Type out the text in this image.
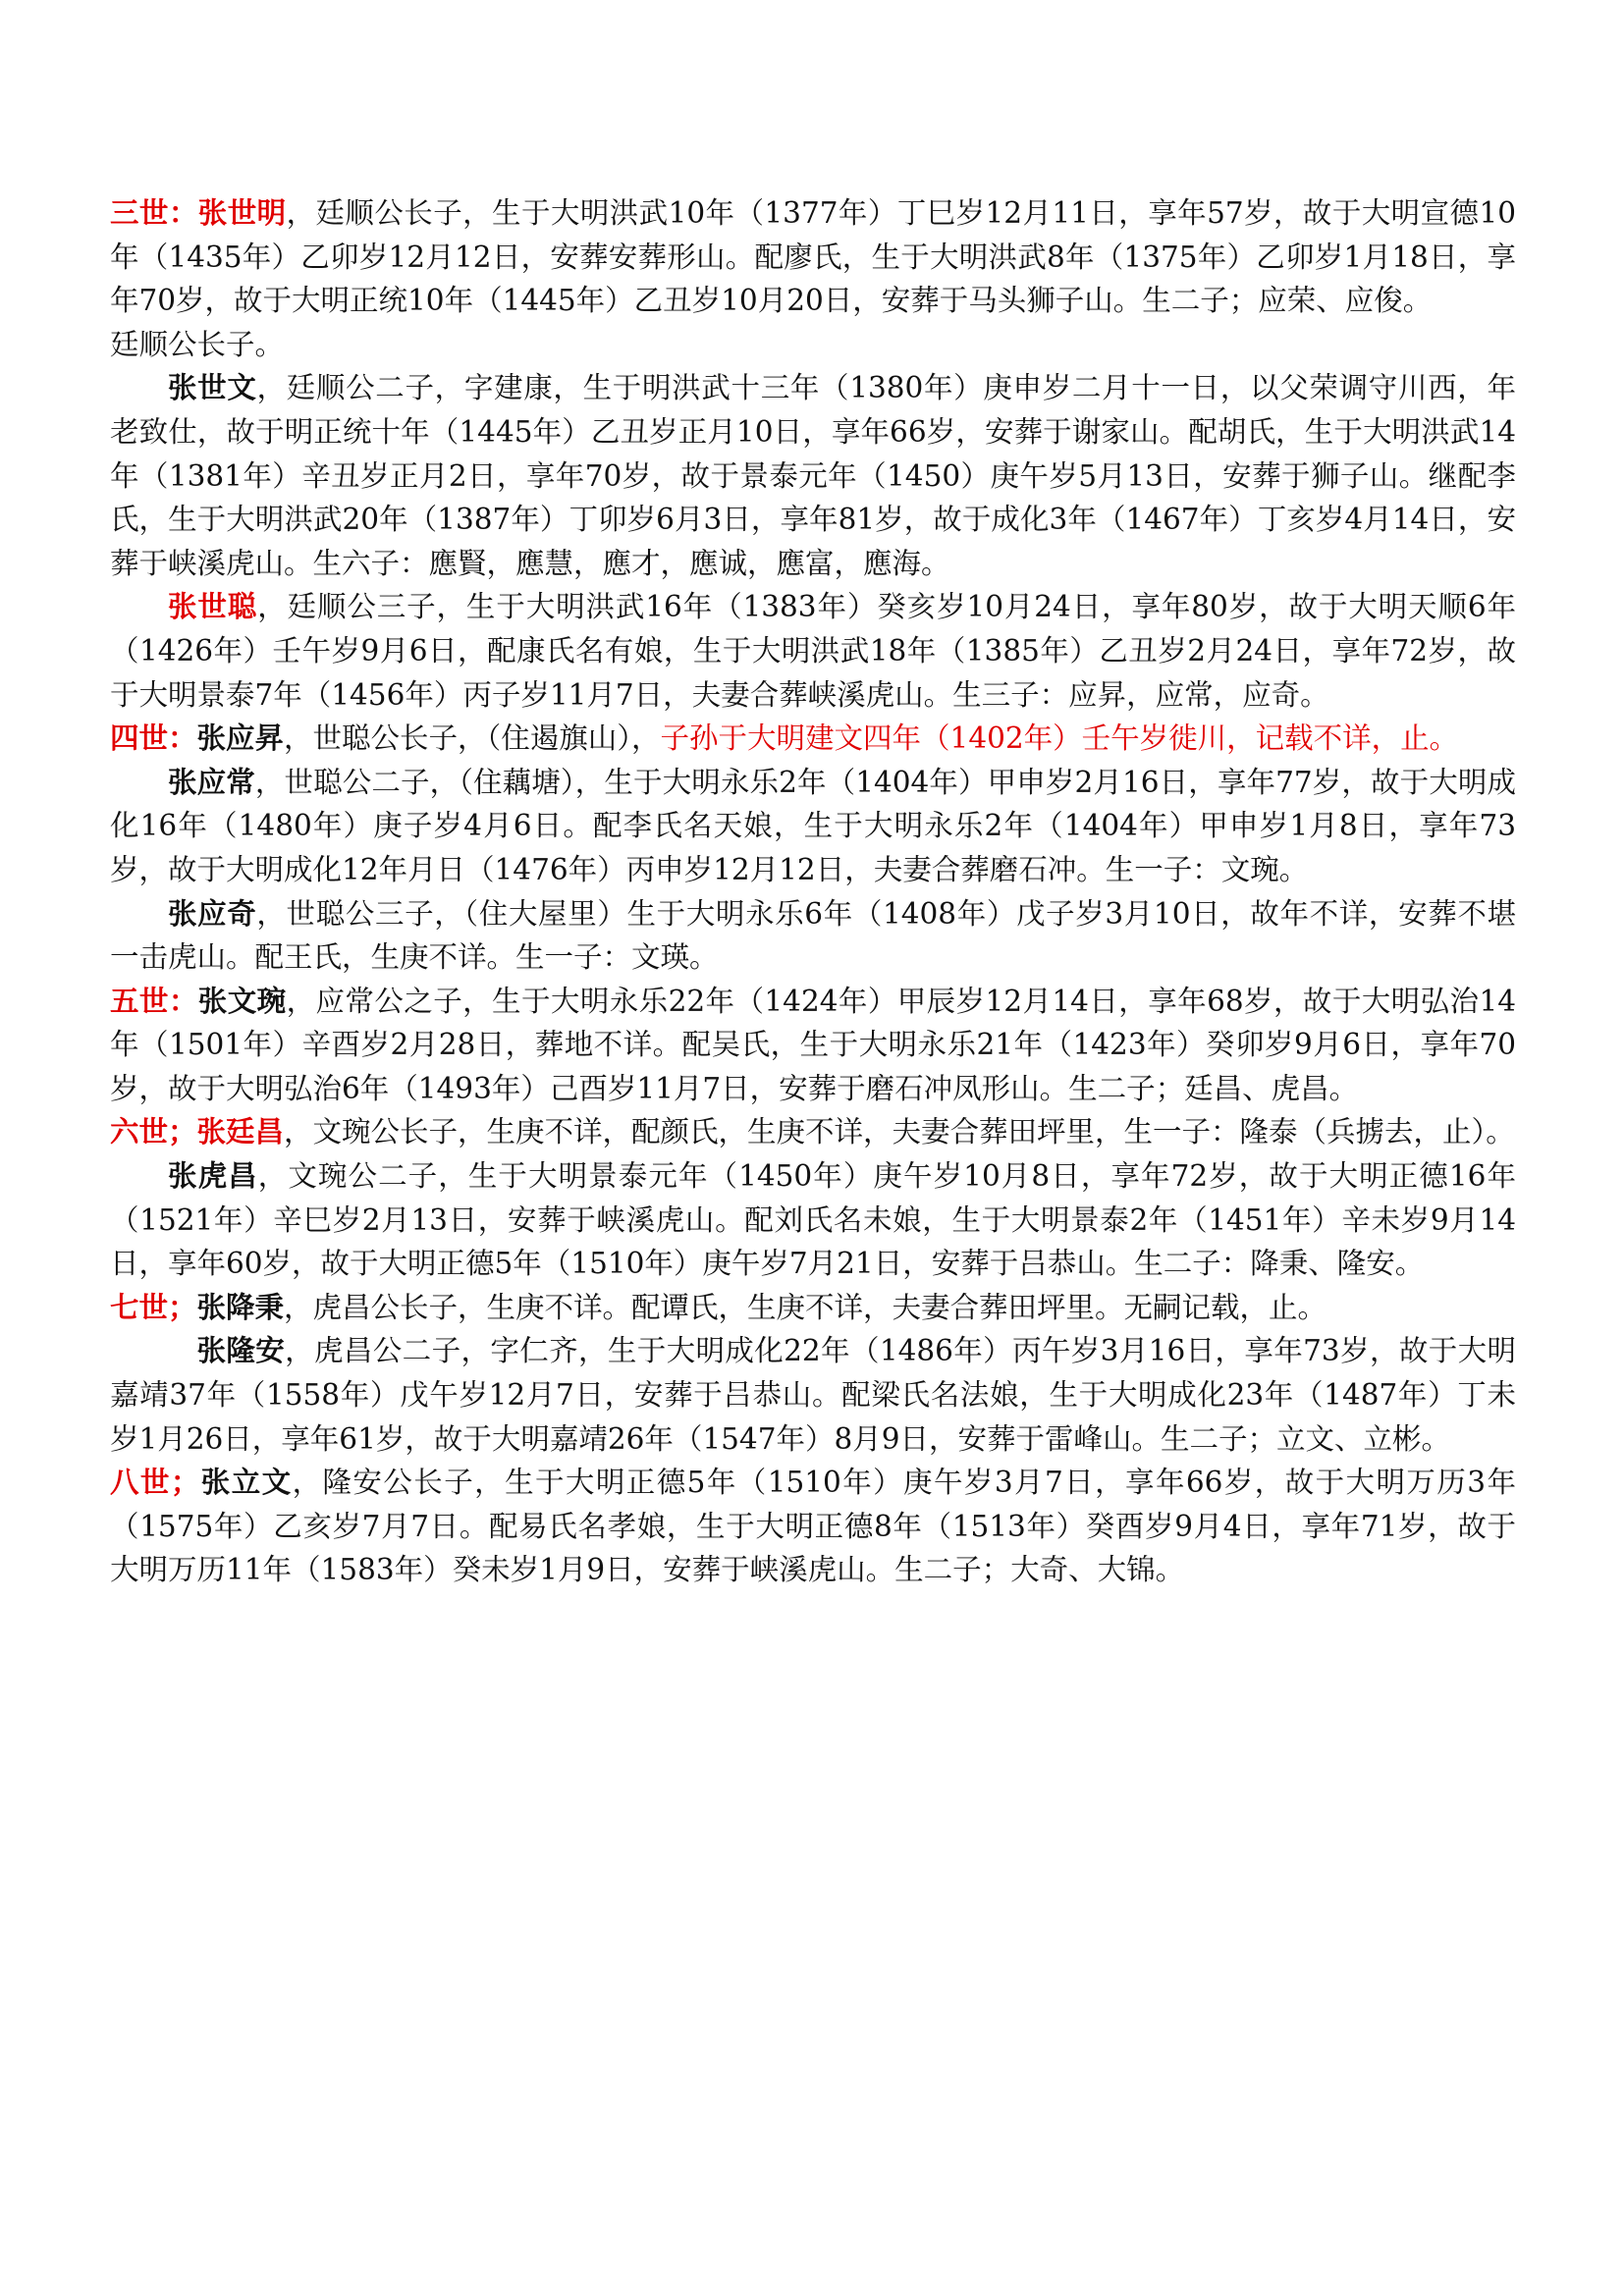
三世：张世明，廷顺公长子，生于大明洪武10年（1377年）丁巳岁12月11日，享年57岁，故于大明宣德10年（1435年）乙卯岁12月12日，安葬安葬形山。配廖氏，生于大明洪武8年（1375年）乙卯岁1月18日，享年70岁，故于大明正统10年（1445年）乙丑岁10月20日，安葬于马头狮子山。生二子；应荣、应俊。

廷顺公长子。

张世文，廷顺公二子，字建康，生于明洪武十三年（1380年）庚申岁二月十一日，以父荣调守川西，年老致仕，故于明正统十年（1445年）乙丑岁正月10日，享年66岁，安葬于谢家山。配胡氏，生于大明洪武14年（1381年）辛丑岁正月2日，享年70岁，故于景泰元年（1450）庚午岁5月13日，安葬于狮子山。继配李氏，生于大明洪武20年（1387年）丁卯岁6月3日，享年81岁，故于成化3年（1467年）丁亥岁4月14日，安葬于峡溪虎山。生六子：應賢，應慧，應才，應诚，應富，應海。

张世聪，廷顺公三子，生于大明洪武16年（1383年）癸亥岁10月24日，享年80岁，故于大明天顺6年（1426年）壬午岁9月6日，配康氏名有娘，生于大明洪武18年（1385年）乙丑岁2月24日，享年72岁，故于大明景泰7年（1456年）丙子岁11月7日，夫妻合葬峡溪虎山。生三子：应昇，应常，应奇。

四世：张应昇，世聪公长子，（住遏旗山），子孙于大明建文四年（1402年）壬午岁徙川，记载不详，止。

张应常，世聪公二子，（住藕塘），生于大明永乐2年（1404年）甲申岁2月16日，享年77岁，故于大明成化16年（1480年）庚子岁4月6日。配李氏名天娘，生于大明永乐2年（1404年）甲申岁1月8日，享年73岁，故于大明成化12年月日（1476年）丙申岁12月12日，夫妻合葬磨石冲。生一子：文琬。

张应奇，世聪公三子，（住大屋里）生于大明永乐6年（1408年）戊子岁3月10日，故年不详，安葬不堪一击虎山。配王氏，生庚不详。生一子：文瑛。

五世：张文琬，应常公之子，生于大明永乐22年（1424年）甲辰岁12月14日，享年68岁，故于大明弘治14年（1501年）辛酉岁2月28日，葬地不详。配吴氏，生于大明永乐21年（1423年）癸卯岁9月6日，享年70岁，故于大明弘治6年（1493年）己酉岁11月7日，安葬于磨石冲凤形山。生二子；廷昌、虎昌。

六世；张廷昌，文琬公长子，生庚不详，配颜氏，生庚不详，夫妻合葬田坪里，生一子：隆泰（兵掳去，止）。

张虎昌，文琬公二子，生于大明景泰元年（1450年）庚午岁10月8日，享年72岁，故于大明正德16年（1521年）辛巳岁2月13日，安葬于峡溪虎山。配刘氏名未娘，生于大明景泰2年（1451年）辛未岁9月14日，享年60岁，故于大明正德5年（1510年）庚午岁7月21日，安葬于吕恭山。生二子：降秉、隆安。

七世；张降秉，虎昌公长子，生庚不详。配谭氏，生庚不详，夫妻合葬田坪里。无嗣记载，止。

张隆安，虎昌公二子，字仁齐，生于大明成化22年（1486年）丙午岁3月16日，享年73岁，故于大明嘉靖37年（1558年）戊午岁12月7日，安葬于吕恭山。配梁氏名法娘，生于大明成化23年（1487年）丁未岁1月26日，享年61岁，故于大明嘉靖26年（1547年）8月9日，安葬于雷峰山。生二子；立文、立彬。

八世；张立文，隆安公长子，生于大明正德5年（1510年）庚午岁3月7日，享年66岁，故于大明万历3年（1575年）乙亥岁7月7日。配易氏名孝娘，生于大明正德8年（1513年）癸酉岁9月4日，享年71岁，故于大明万历11年（1583年）癸未岁1月9日，安葬于峡溪虎山。生二子；大奇、大锦。
